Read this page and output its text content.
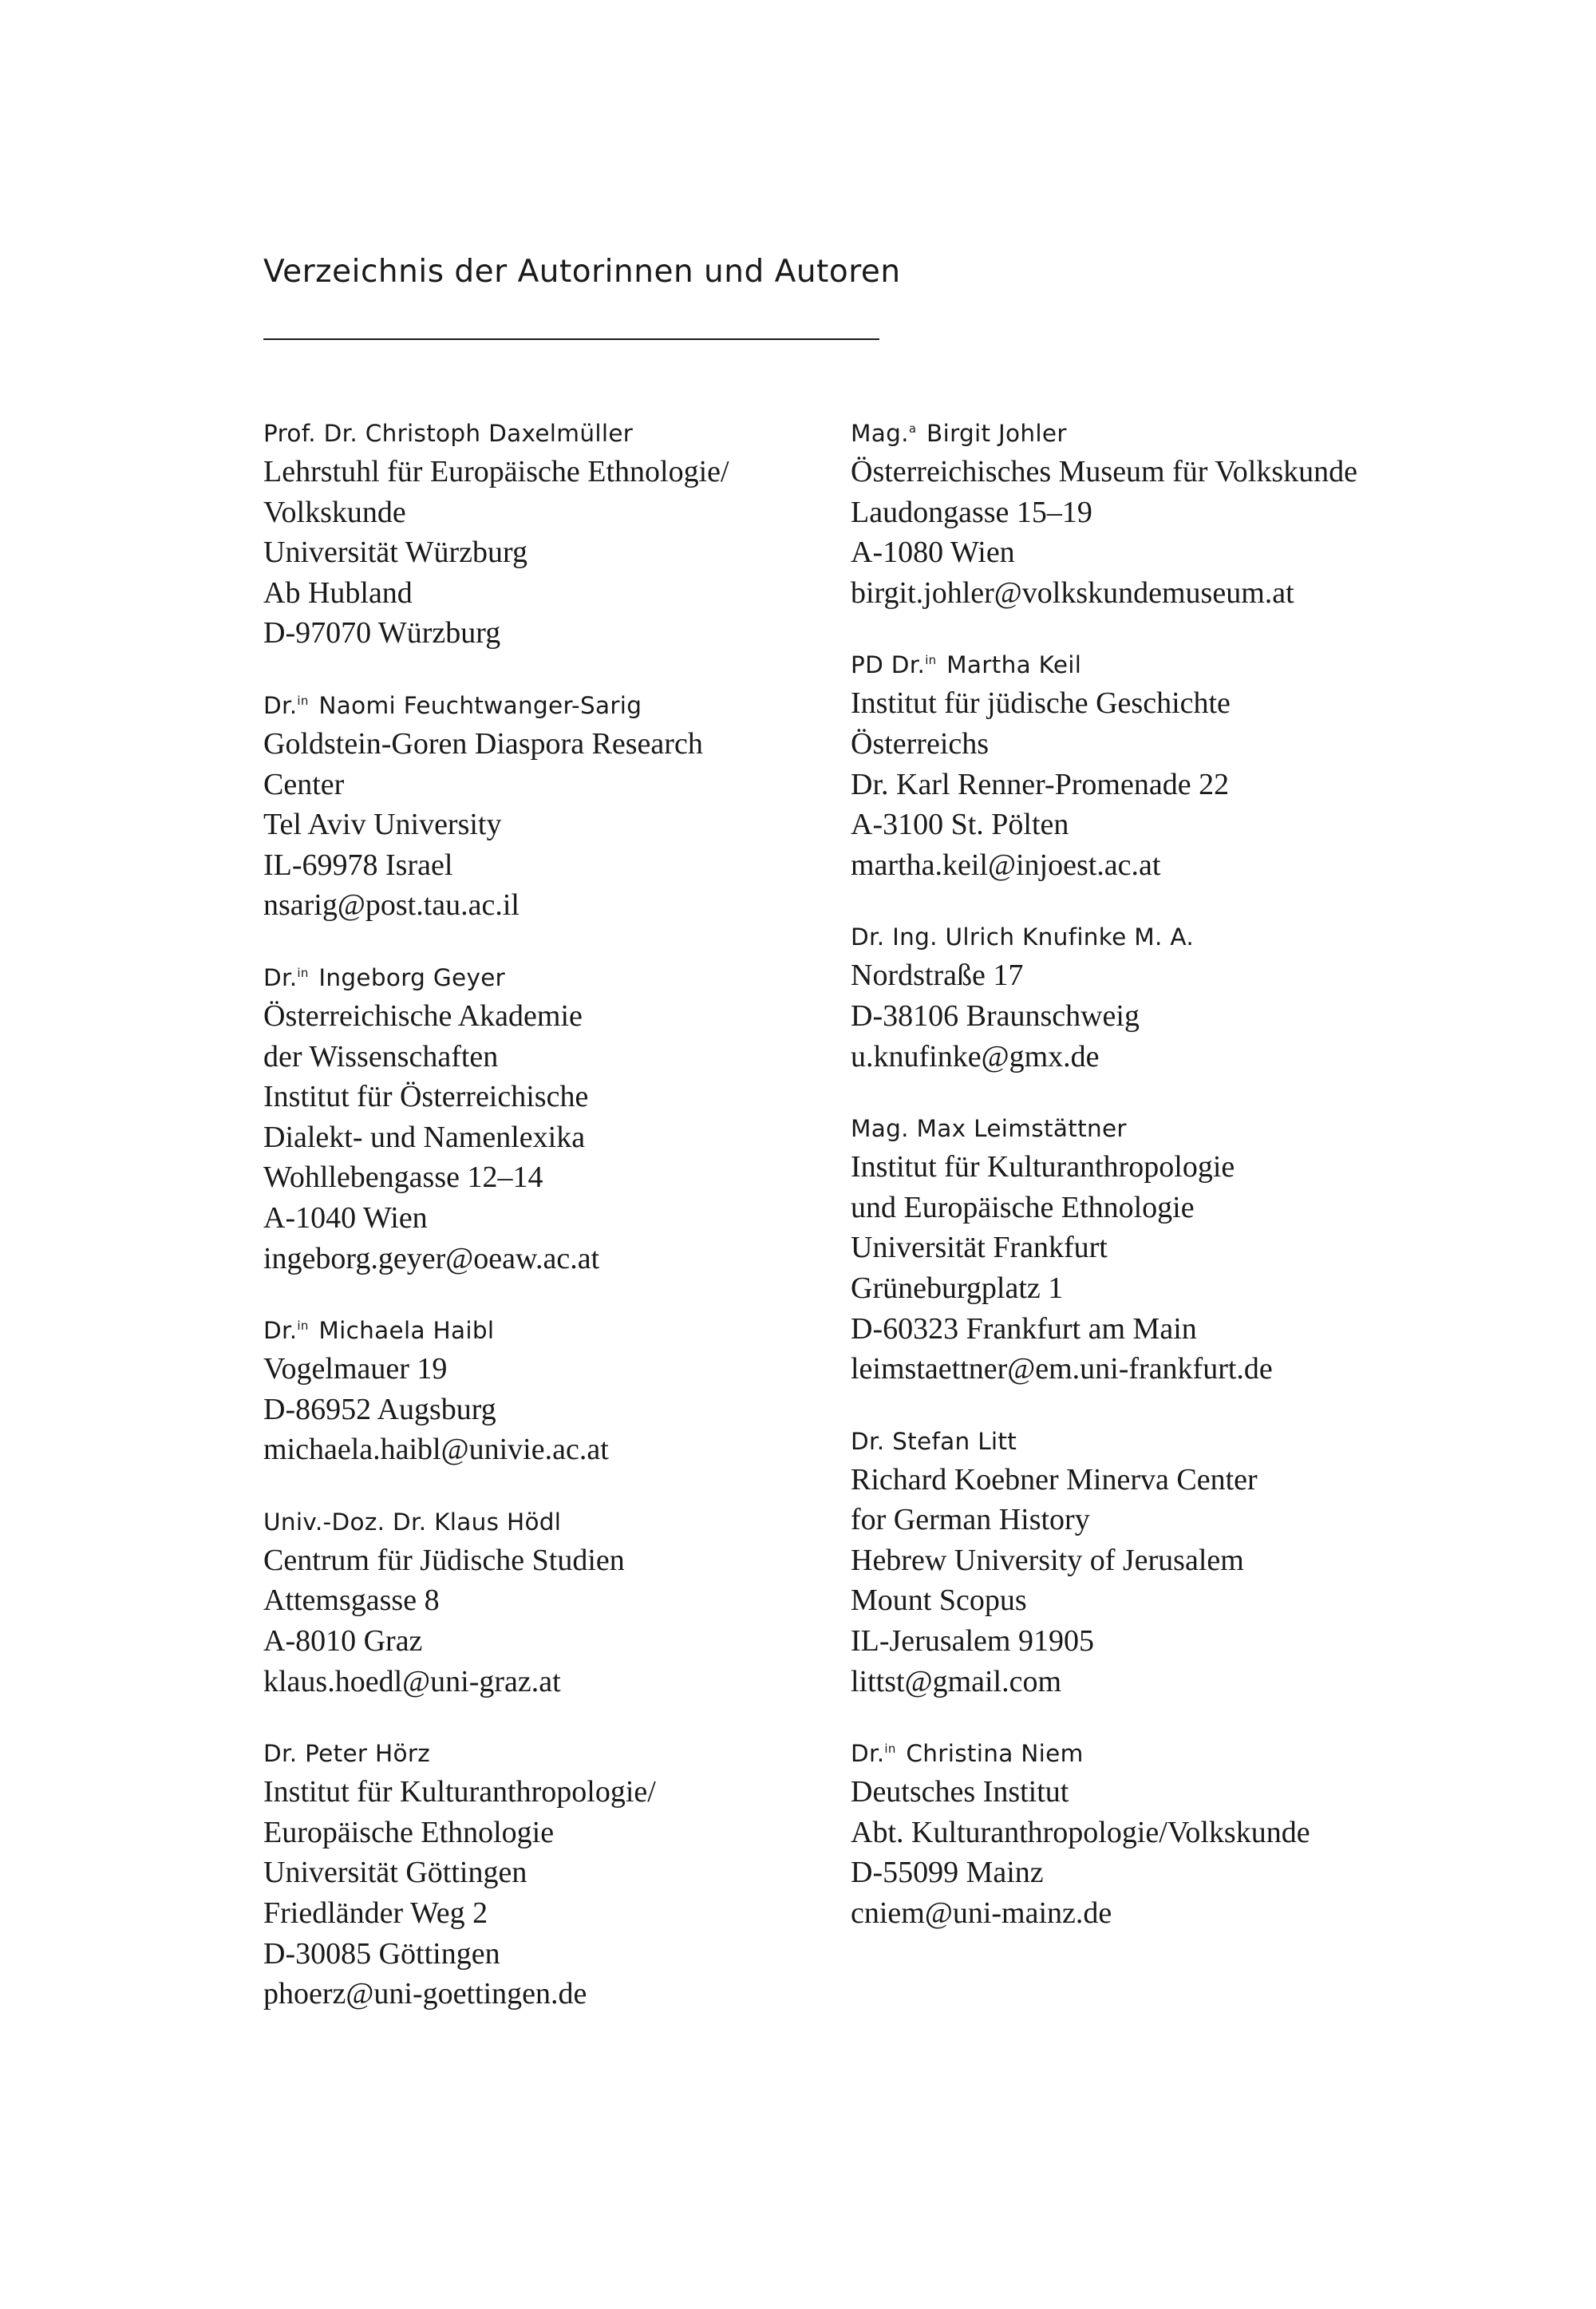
Verzeichnis der Autorinnen und Autoren
Prof. Dr. Christoph Daxelmüller
Lehrstuhl für Europäische Ethnologie/
Volkskunde
Universität Würzburg
Ab Hubland
D-97070 Würzburg
Dr.$^{in}$ Naomi Feuchtwanger-Sarig
Goldstein-Goren Diaspora Research
Center
Tel Aviv University
IL-69978 Israel
nsarig@post.tau.ac.il
Dr.$^{in}$ Ingeborg Geyer
Österreichische Akademie
der Wissenschaften
Institut für Österreichische
Dialekt- und Namenlexika
Wohllebengasse 12–14
A-1040 Wien
ingeborg.geyer@oeaw.ac.at
Dr.$^{in}$ Michaela Haibl
Vogelmauer 19
D-86952 Augsburg
michaela.haibl@univie.ac.at
Univ.-Doz. Dr. Klaus Hödl
Centrum für Jüdische Studien
Attemsgasse 8
A-8010 Graz
klaus.hoedl@uni-graz.at
Dr. Peter Hörz
Institut für Kulturanthropologie/
Europäische Ethnologie
Universität Göttingen
Friedländer Weg 2
D-30085 Göttingen
phoerz@uni-goettingen.de
Mag.$^a$ Birgit Johler
Österreichisches Museum für Volkskunde
Laudongasse 15–19
A-1080 Wien
birgit.johler@volkskundemuseum.at
PD Dr.$^{in}$ Martha Keil
Institut für jüdische Geschichte
Österreichs
Dr. Karl Renner-Promenade 22
A-3100 St. Pölten
martha.keil@injoest.ac.at
Dr. Ing. Ulrich Knufinke M. A.
Nordstraße 17
D-38106 Braunschweig
u.knufinke@gmx.de
Mag. Max Leimstättner
Institut für Kulturanthropologie
und Europäische Ethnologie
Universität Frankfurt
Grüneburgplatz 1
D-60323 Frankfurt am Main
leimstaettner@em.uni-frankfurt.de
Dr. Stefan Litt
Richard Koebner Minerva Center
for German History
Hebrew University of Jerusalem
Mount Scopus
IL-Jerusalem 91905
littst@gmail.com
Dr.$^{in}$ Christina Niem
Deutsches Institut
Abt. Kulturanthropologie/Volkskunde
D-55099 Mainz
cniem@uni-mainz.de
